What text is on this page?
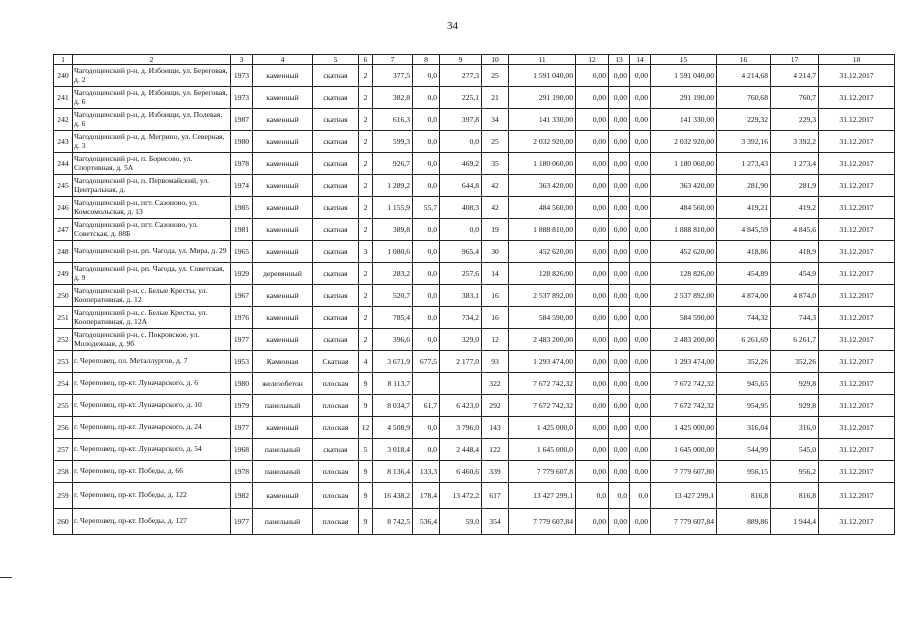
34
1	2	3	4	5	6	7	8	9	10	11	12	13	14	15	16	17	18
240	Чагодощенский р-н, д. Избоищи, ул. Береговая, д. 2	1973	каменный	скатная	2	377,5	0,0	277,3	25	1 591 040,00	0,00	0,00	0,00	1 591 040,00	4 214,68	4 214,7	31.12.2017
241	Чагодощенский р-н, д. Избоищи, ул. Береговая, д. 6	1973	каменный	скатная	2	382,8	0,0	225,1	21	291 190,00	0,00	0,00	0,00	291 190,00	760,68	760,7	31.12.2017
242	Чагодощенский р-н, д. Избоищи, ул. Полевая, д. 6	1987	каменный	скатная	2	616,3	0,0	397,8	34	141 330,00	0,00	0,00	0,00	141 330,00	229,32	229,3	31.12.2017
243	Чагодощенский р-н, д. Мегрино, ул. Северная, д. 3	1980	каменный	скатная	2	599,3	0,0	0,0	25	2 032 920,00	0,00	0,00	0,00	2 032 920,00	3 392,16	3 392,2	31.12.2017
244	Чагодощенский р-н, п. Борисово, ул. Спортивная, д. 5А	1978	каменный	скатная	2	926,7	0,0	469,2	35	1 180 060,00	0,00	0,00	0,00	1 180 060,00	1 273,43	1 273,4	31.12.2017
245	Чагодощенский р-н, п. Первомайский, ул. Центральная, д.	1974	каменный	скатная	2	1 289,2	0,0	644,8	42	363 420,00	0,00	0,00	0,00	363 420,00	281,90	281,9	31.12.2017
246	Чагодощенский р-н, пгт. Сазоново, ул. Комсомольская, д. 13	1985	каменный	скатная	2	1 155,9	55,7	408,3	42	484 560,00	0,00	0,00	0,00	484 560,00	419,21	419,2	31.12.2017
247	Чагодощенский р-н, пгт. Сазоново, ул. Советская, д. 88Б	1981	каменный	скатная	2	389,8	0,0	0,0	19	1 888 810,00	0,00	0,00	0,00	1 888 810,00	4 845,59	4 845,6	31.12.2017
248	Чагодощенский р-н, рп. Чагода, ул. Мира, д. 29	1965	каменный	скатная	3	1 080,6	0,0	965,4	30	452 620,00	0,00	0,00	0,00	452 620,00	418,86	418,9	31.12.2017
249	Чагодощенский р-н, рп. Чагода, ул. Советская, д. 9	1929	деревянный	скатная	2	283,2	0,0	257,6	14	128 826,00	0,00	0,00	0,00	128 826,00	454,89	454,9	31.12.2017
250	Чагодощенский р-н, с. Белые Кресты, ул. Кооперативная, д. 12	1967	каменный	скатная	2	520,7	0,0	383,1	16	2 537 892,00	0,00	0,00	0,00	2 537 892,00	4 874,00	4 874,0	31.12.2017
251	Чагодощенский р-н, с. Белые Кресты, ул. Кооперативная, д. 12А	1976	каменный	скатная	2	785,4	0,0	734,2	16	584 590,00	0,00	0,00	0,00	584 590,00	744,32	744,3	31.12.2017
252	Чагодощенский р-н, с. Покровское, ул. Молодежная, д. 9б	1977	каменный	скатная	2	396,6	0,0	329,0	12	2 483 200,00	0,00	0,00	0,00	2 483 200,00	6 261,69	6 261,7	31.12.2017
253	г. Череповец, пл. Металлургов, д. 7	1953	Каменная	Скатная	4	3 671,9	677,5	2 177,0	93	1 293 474,00	0,00	0,00	0,00	1 293 474,00	352,26	352,26	31.12.2017
254	г. Череповец, пр-кт. Луначарского, д. 6	1980	железобетон	плоская	9	8 113,7			322	7 672 742,32	0,00	0,00	0,00	7 672 742,32	945,65	929,8	31.12.2017
255	г. Череповец, пр-кт. Луначарского, д. 10	1979	панельный	плоская	9	8 034,7	61,7	6 423,0	292	7 672 742,32	0,00	0,00	0,00	7 672 742,32	954,95	929,8	31.12.2017
256	г. Череповец, пр-кт. Луначарского, д. 24	1977	каменный	плоская	12	4 508,9	0,0	3 796,0	143	1 425 000,0	0,00	0,00	0,00	1 425 000,00	316,04	316,0	31.12.2017
257	г. Череповец, пр-кт. Луначарского, д. 54	1968	панельный	скатная	5	3 018,4	0,0	2 448,4	122	1 645 000,0	0,00	0,00	0,00	1 645 000,00	544,99	545,0	31.12.2017
258	г. Череповец, пр-кт. Победы, д. 66	1978	панельный	плоская	9	8 136,4	133,3	6 460,6	339	7 779 607,8	0,00	0,00	0,00	7 779 607,80	956,15	956,2	31.12.2017
259	г. Череповец, пр-кт. Победы, д. 122	1982	каменный	плоская	9	16 438,2	178,4	13 472,2	617	13 427 299,1	0,0	0,0	0,0	13 427 299,1	816,8	816,8	31.12.2017
260	г. Череповец, пр-кт. Победы, д. 127	1977	панельный	плоская	9	8 742,5	536,4	59,0	354	7 779 607,84	0,00	0,00	0,00	7 779 607,84	889,86	1 944,4	31.12.2017
